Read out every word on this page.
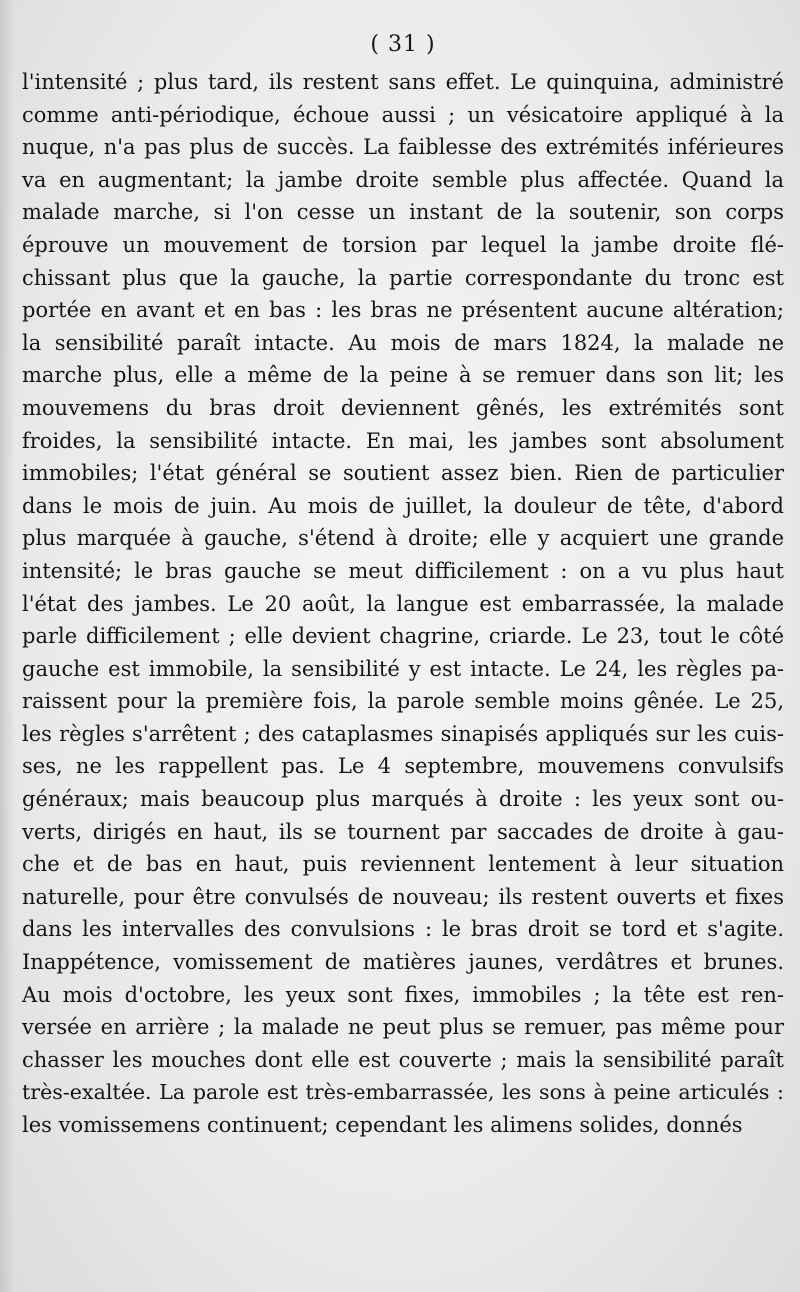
( 31 )
l'intensité ; plus tard, ils restent sans effet. Le quinquina, administré
comme anti-périodique, échoue aussi ; un vésicatoire appliqué à la
nuque, n'a pas plus de succès. La faiblesse des extrémités inférieures
va en augmentant; la jambe droite semble plus affectée. Quand la
malade marche, si l'on cesse un instant de la soutenir, son corps
éprouve un mouvement de torsion par lequel la jambe droite flé-
chissant plus que la gauche, la partie correspondante du tronc est
portée en avant et en bas : les bras ne présentent aucune altération;
la sensibilité paraît intacte. Au mois de mars 1824, la malade ne
marche plus, elle a même de la peine à se remuer dans son lit; les
mouvemens du bras droit deviennent gênés, les extrémités sont
froides, la sensibilité intacte. En mai, les jambes sont absolument
immobiles; l'état général se soutient assez bien. Rien de particulier
dans le mois de juin. Au mois de juillet, la douleur de tête, d'abord
plus marquée à gauche, s'étend à droite; elle y acquiert une grande
intensité; le bras gauche se meut difficilement : on a vu plus haut
l'état des jambes. Le 20 août, la langue est embarrassée, la malade
parle difficilement ; elle devient chagrine, criarde. Le 23, tout le côté
gauche est immobile, la sensibilité y est intacte. Le 24, les règles pa-
raissent pour la première fois, la parole semble moins gênée. Le 25,
les règles s'arrêtent ; des cataplasmes sinapisés appliqués sur les cuis-
ses, ne les rappellent pas. Le 4 septembre, mouvemens convulsifs
généraux; mais beaucoup plus marqués à droite : les yeux sont ou-
verts, dirigés en haut, ils se tournent par saccades de droite à gau-
che et de bas en haut, puis reviennent lentement à leur situation
naturelle, pour être convulsés de nouveau; ils restent ouverts et fixes
dans les intervalles des convulsions : le bras droit se tord et s'agite.
Inappétence, vomissement de matières jaunes, verdâtres et brunes.
Au mois d'octobre, les yeux sont fixes, immobiles ; la tête est ren-
versée en arrière ; la malade ne peut plus se remuer, pas même pour
chasser les mouches dont elle est couverte ; mais la sensibilité paraît
très-exaltée. La parole est très-embarrassée, les sons à peine articulés :
les vomissemens continuent; cependant les alimens solides, donnés
